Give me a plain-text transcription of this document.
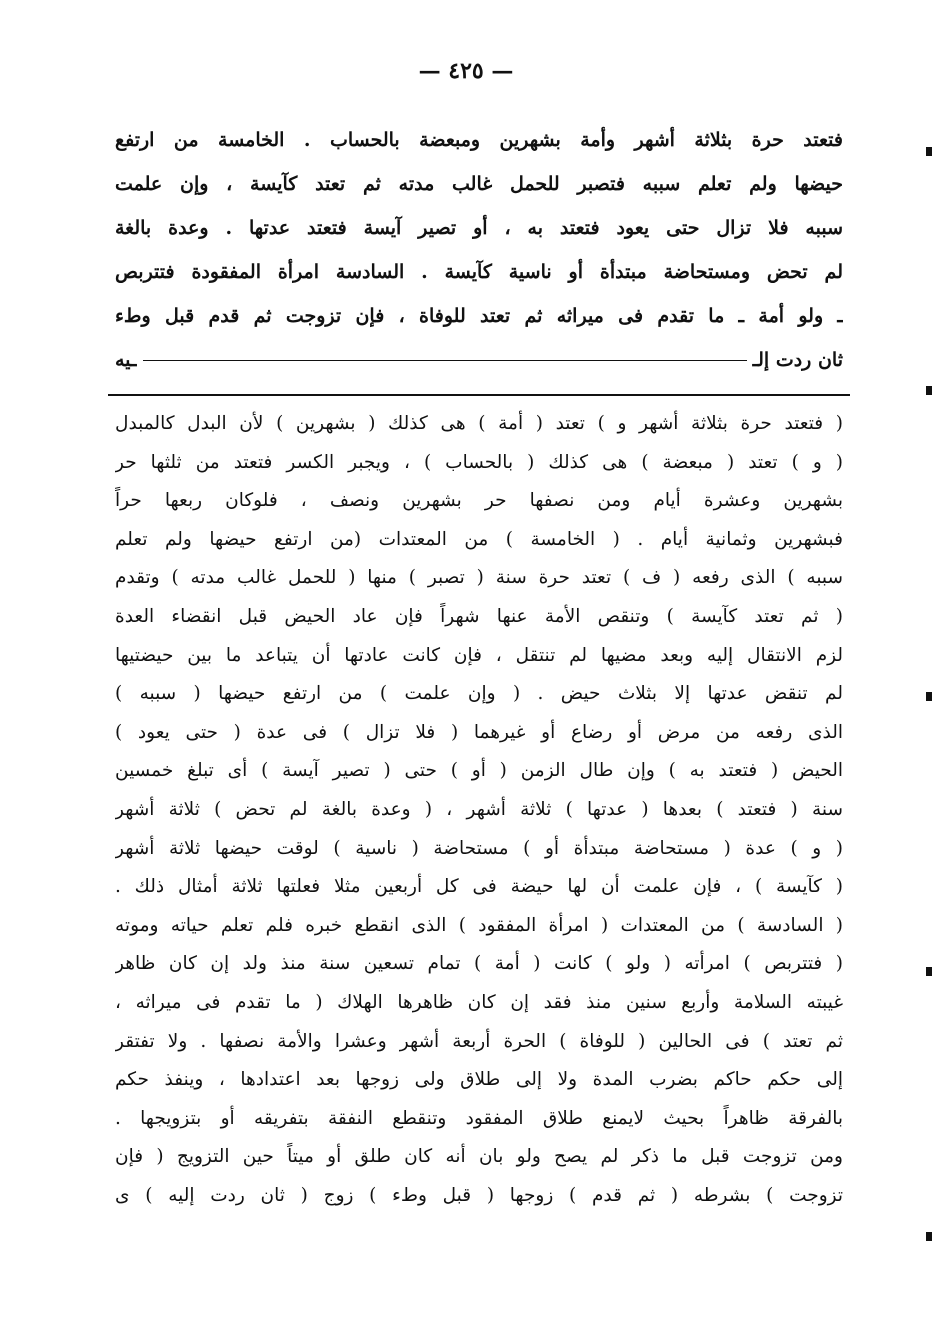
— ٤٢٥ —
فتعتد حرة بثلاثة أشهر وأمة بشهرين ومبعضة بالحساب . الخامسة من ارتفع
حيضها ولم تعلم سببه فتصبر للحمل غالب مدته ثم تعتد كآيسة ، وإن علمت
سببه فلا تزال حتى يعود فتعتد به ، أو تصير آيسة فتعتد عدتها . وعدة بالغة
لم تحض ومستحاضة مبتدأة أو ناسية كآيسة . السادسة امرأة المفقودة فتتربص
ـ ولو أمة ـ ما تقدم فى ميراثه ثم تعتد للوفاة ، فإن تزوجت ثم قدم قبل وطء
ثان ردت إلـ
ـيه
( فتعتد حرة بثلاثة أشهر و ) تعتد ( أمة ) هى كذلك ( بشهرين ) لأن البدل كالمبدل
( و ) تعتد ( مبعضة ) هى كذلك ( بالحساب ) ، ويجبر الكسر فتعتد من ثلثها حر
بشهرين وعشرة أيام ومن نصفها حر بشهرين ونصف ، فلوكان ربعها حراً
فبشهرين وثمانية أيام . ( الخامسة ) من المعتدات (من ارتفع حيضها ولم تعلم
سببه ) الذى رفعه ( ف ) تعتد حرة سنة ( تصبر ) منها ( للحمل غالب مدته ) وتقدم
( ثم تعتد كآيسة ) وتنقص الأمة عنها شهراً فإن عاد الحيض قبل انقضاء العدة
لزم الانتقال إليه وبعد مضيها لم تنتقل ، فإن كانت عادتها أن يتباعد ما بين حيضتيها
لم تنقض عدتها إلا بثلاث حيض . ( وإن علمت ) من ارتفع حيضها ( سببه )
الذى رفعه من مرض أو رضاع أو غيرهما ( فلا تزال ) فى عدة ( حتى يعود )
الحيض ( فتعتد به ) وإن طال الزمن ( أو ) حتى ( تصير آيسة ) أى تبلغ خمسين
سنة ( فتعتد ) بعدها ( عدتها ) ثلاثة أشهر ، ( وعدة بالغة لم تحض ) ثلاثة أشهر
( و ) عدة ( مستحاضة مبتدأة أو ) مستحاضة ( ناسية ) لوقت حيضها ثلاثة أشهر
( كآيسة ) ، فإن علمت أن لها حيضة فى كل أربعين مثلا فعلتها ثلاثة أمثال ذلك .
( السادسة ) من المعتدات ( امرأة المفقود ) الذى انقطع خبره فلم تعلم حياته وموته
( فتتربص ) امرأته ( ولو ) كانت ( أمة ) تمام تسعين سنة منذ ولد إن كان ظاهر
غيبته السلامة وأربع سنين منذ فقد إن كان ظاهرها الهلاك ( ما تقدم فى ميراثه ،
ثم تعتد ) فى الحالين ( للوفاة ) الحرة أربعة أشهر وعشرا والأمة نصفها . ولا تفتقر
إلى حكم حاكم بضرب المدة ولا إلى طلاق ولى زوجها بعد اعتدادها ، وينفذ حكم
بالفرقة ظاهراً بحيث لايمنع طلاق المفقود وتنقطع النفقة بتفريقه أو بتزويجها .
ومن تزوجت قبل ما ذكر لم يصح ولو بان أنه كان طلق أو ميتاً حين التزويج ( فإن
تزوجت ) بشرطه ( ثم قدم ) زوجها ( قبل وطء ) زوج ( ثان ردت إليه ) ى
